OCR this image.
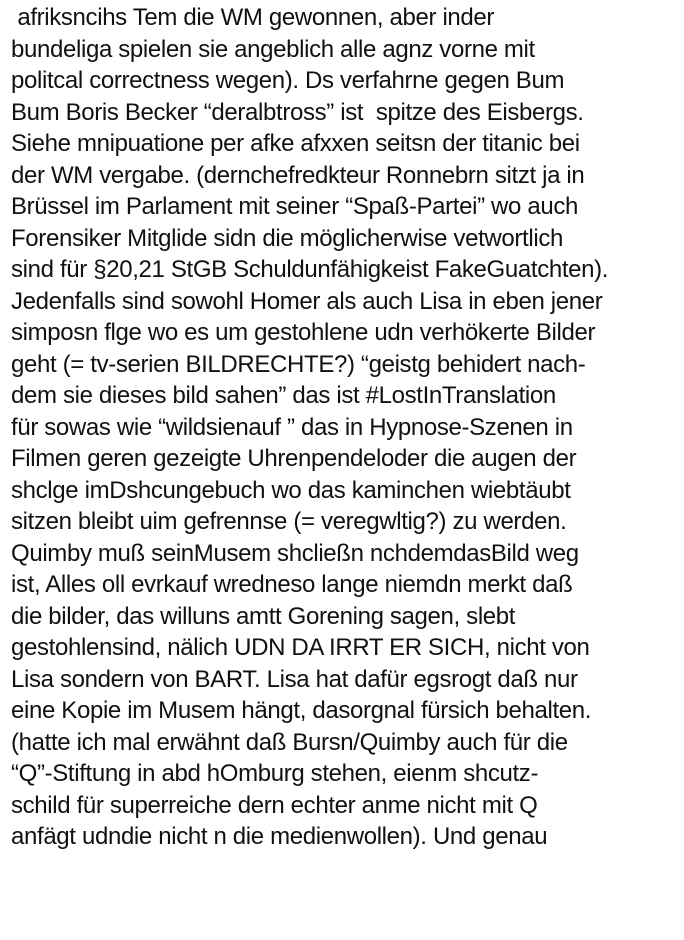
afriksncihs Tem die WM gewonnen, aber inder
bundeliga spielen sie angeblich alle agnz vorne mit
politcal correctness wegen). Ds verfahrne gegen Bum
Bum Boris Becker “deralbtross” ist  spitze des Eisbergs.
Siehe mnipuatione per afke afxxen seitsn der titanic bei
der WM vergabe. (dernchefredkteur Ronnebrn sitzt ja in
Brüssel im Parlament mit seiner “Spaß-Partei” wo auch
Forensiker Mitglide sidn die möglicherwise vetwortlich
sind für §20,21 StGB Schuldunfähigkeist FakeGuatchten).
Jedenfalls sind sowohl Homer als auch Lisa in eben jener
simposn flge wo es um gestohlene udn verhökerte Bilder
geht (= tv-serien BILDRECHTE?) “geistg behidert nach-
dem sie dieses bild sahen” das ist #LostInTranslation
für sowas wie “wildsienauf ” das in Hypnose-Szenen in
Filmen geren gezeigte Uhrenpendeloder die augen der
shclge imDshcungebuch wo das kaminchen wiebtäubt
sitzen bleibt uim gefrennse (= veregwltig?) zu werden.
Quimby muß seinMusem shcließn nchdemdasBild weg
ist, Alles oll evrkauf wredneso lange niemdn merkt daß
die bilder, das willuns amtt Gorening sagen, slebt
gestohlensind, nälich UDN DA IRRT ER SICH, nicht von
Lisa sondern von BART. Lisa hat dafür egsrogt daß nur
eine Kopie im Musem hängt, dasorgnal fürsich behalten.
(hatte ich mal erwähnt daß Bursn/Quimby auch für die
“Q”-Stiftung in abd hOmburg stehen, eienm shcutz-
schild für superreiche dern echter anme nicht mit Q
anfägt udndie nicht n die medienwollen). Und genau
